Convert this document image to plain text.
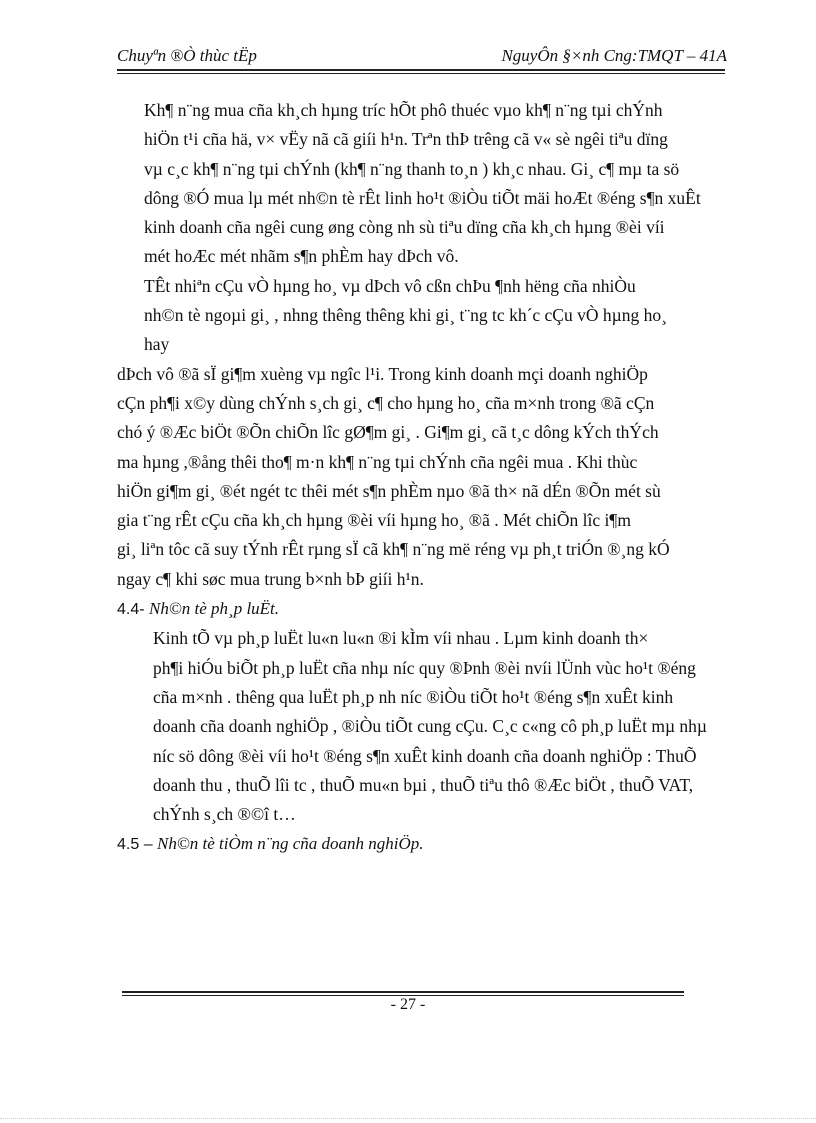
Chuyªn ®Ò thùc tËp	NguyÔn §×nh Cng:TMQT – 41A

Kh¶ n¨ng mua cña kh¸ch hµng tríc hÕt phô thuéc vµo kh¶ n¨ng tµi chÝnh
hiÖn t¹i cña hä, v× vËy nã cã giíi h¹n. Trªn thÞ trêng cã v« sè ngêi tiªu dïng
vµ c¸c kh¶ n¨ng tµi chÝnh (kh¶ n¨ng thanh to¸n ) kh¸c nhau. Gi¸ c¶ mµ ta sö
dông ®Ó mua lµ mét nh©n tè rÊt linh ho¹t ®iÒu tiÕt mäi hoÆt ®éng s¶n xuÊt
kinh doanh cña ngêi cung øng còng nh sù tiªu dïng cña kh¸ch hµng ®èi víi
mét hoÆc mét nhãm s¶n phÈm hay dÞch vô.

TÊt nhiªn cÇu vÒ hµng ho¸ vµ dÞch vô cßn chÞu ¶nh hëng cña nhiÒu
nh©n tè ngoµi gi¸ , nhng thêng thêng khi gi¸ t¨ng tc kh´c cÇu vÒ hµng ho¸
hay

dÞch vô ®ã sÏ gi¶m xuèng vµ ngîc l¹i. Trong kinh doanh mçi doanh nghiÖp
cÇn ph¶i x©y dùng chÝnh s¸ch gi¸ c¶ cho hµng ho¸ cña m×nh trong ®ã cÇn
chó ý ®Æc biÖt ®Õn chiÕn lîc gØ¶m gi¸ . Gi¶m gi¸ cã t¸c dông kÝch thÝch
ma hµng ,®ång thêi tho¶ m·n kh¶ n¨ng tµi chÝnh cña ngêi mua . Khi thùc
hiÖn gi¶m gi¸ ®ét ngét tc thêi mét s¶n phÈm nµo ®ã th× nã dÉn ®Õn mét sù
gia t¨ng rÊt cÇu cña kh¸ch hµng ®èi víi hµng ho¸ ®ã . Mét chiÕn lîc i¶m
gi¸ liªn tôc cã suy tÝnh rÊt rµng sÏ cã kh¶ n¨ng më réng vµ ph¸t triÓn ®¸ng kÓ
ngay c¶ khi søc mua trung b×nh bÞ giíi h¹n.

4.4- Nh©n tè ph¸p luËt.

Kinh tÕ vµ ph¸p luËt lu«n lu«n ®i kÌm víi nhau . Lµm kinh doanh th×
ph¶i hiÓu biÕt ph¸p luËt cña nhµ níc quy ®Þnh ®èi nvíi lÜnh vùc ho¹t ®éng
cña m×nh . thêng qua luËt ph¸p nh níc ®iÒu tiÕt ho¹t ®éng s¶n xuÊt kinh
doanh cña doanh nghiÖp , ®iÒu tiÕt cung cÇu. C¸c c«ng cô ph¸p luËt mµ nhµ
níc sö dông ®èi víi ho¹t ®éng s¶n xuÊt kinh doanh cña doanh nghiÖp : ThuÕ
doanh thu , thuÕ lîi tc , thuÕ mu«n bµi , thuÕ tiªu thô ®Æc biÖt , thuÕ VAT,
chÝnh s¸ch ®©î t…

4.5 – Nh©n tè tiÒm n¨ng cña doanh nghiÖp.

- 27 -
